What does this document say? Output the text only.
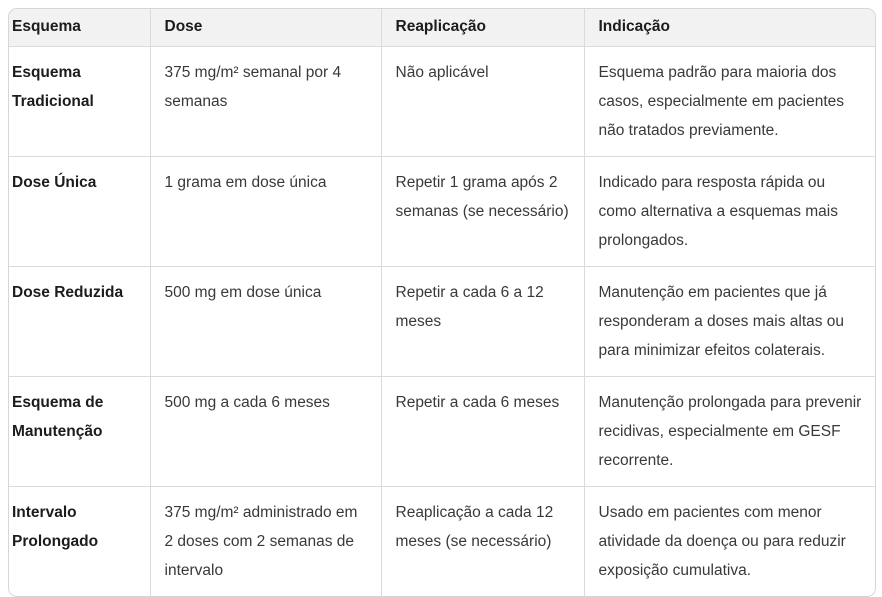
Esquema	Dose	Reaplicação	Indicação
Esquema Tradicional	375 mg/m² semanal por 4 semanas	Não aplicável	Esquema padrão para maioria dos casos, especialmente em pacientes não tratados previamente.
Dose Única	1 grama em dose única	Repetir 1 grama após 2 semanas (se necessário)	Indicado para resposta rápida ou como alternativa a esquemas mais prolongados.
Dose Reduzida	500 mg em dose única	Repetir a cada 6 a 12 meses	Manutenção em pacientes que já responderam a doses mais altas ou para minimizar efeitos colaterais.
Esquema de Manutenção	500 mg a cada 6 meses	Repetir a cada 6 meses	Manutenção prolongada para prevenir recidivas, especialmente em GESF recorrente.
Intervalo Prolongado	375 mg/m² administrado em 2 doses com 2 semanas de intervalo	Reaplicação a cada 12 meses (se necessário)	Usado em pacientes com menor atividade da doença ou para reduzir exposição cumulativa.
